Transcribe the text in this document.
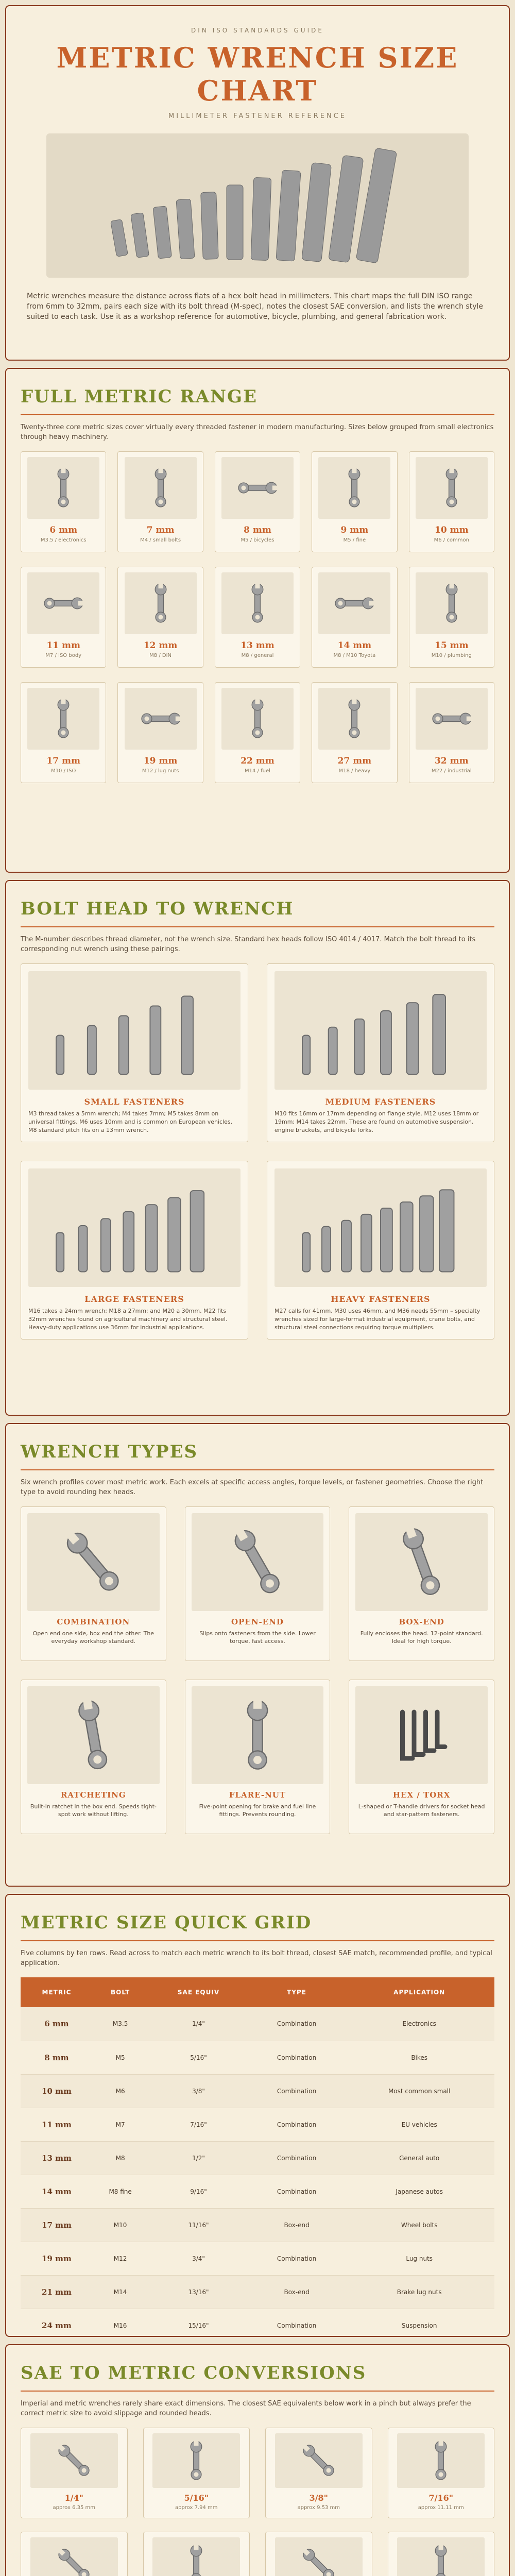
DIN ISO STANDARDS GUIDE
METRIC WRENCH SIZE
CHART
MILLIMETER FASTENER REFERENCE

Metric wrenches measure the distance across flats of a hex bolt head in millimeters. This chart maps the full DIN ISO range from 6mm to 32mm, pairs each size with its bolt thread (M-spec), notes the closest SAE conversion, and lists the wrench style suited to each task. Use it as a workshop reference for automotive, bicycle, plumbing, and general fabrication work.

FULL METRIC RANGE
Twenty-three core metric sizes cover virtually every threaded fastener in modern manufacturing. Sizes below grouped from small electronics through heavy machinery.
6 mm
M3.5 / electronics
7 mm
M4 / small bolts
8 mm
M5 / bicycles
9 mm
M5 / fine
10 mm
M6 / common
11 mm
M7 / ISO body
12 mm
M8 / DIN
13 mm
M8 / general
14 mm
M8 / M10 Toyota
15 mm
M10 / plumbing
17 mm
M10 / ISO
19 mm
M12 / lug nuts
22 mm
M14 / fuel
27 mm
M18 / heavy
32 mm
M22 / industrial
BOLT HEAD TO WRENCH
The M-number describes thread diameter, not the wrench size. Standard hex heads follow ISO 4014 / 4017. Match the bolt thread to its corresponding nut wrench using these pairings.
SMALL FASTENERS
M3 thread takes a 5mm wrench; M4 takes 7mm; M5 takes 8mm on universal fittings. M6 uses 10mm and is common on European vehicles. M8 standard pitch fits on a 13mm wrench.
MEDIUM FASTENERS
M10 fits 16mm or 17mm depending on flange style. M12 uses 18mm or 19mm; M14 takes 22mm. These are found on automotive suspension, engine brackets, and bicycle forks.
LARGE FASTENERS
M16 takes a 24mm wrench; M18 a 27mm; and M20 a 30mm. M22 fits 32mm wrenches found on agricultural machinery and structural steel. Heavy-duty applications use 36mm for industrial applications.
HEAVY FASTENERS
M27 calls for 41mm, M30 uses 46mm, and M36 needs 55mm – specialty wrenches sized for large-format industrial equipment, crane bolts, and structural steel connections requiring torque multipliers.
WRENCH TYPES
Six wrench profiles cover most metric work. Each excels at specific access angles, torque levels, or fastener geometries. Choose the right type to avoid rounding hex heads.
COMBINATION
Open end one side, box end the other. The everyday workshop standard.
OPEN-END
Slips onto fasteners from the side. Lower torque, fast access.
BOX-END
Fully encloses the head. 12-point standard. Ideal for high torque.
RATCHETING
Built-in ratchet in the box end. Speeds tight-spot work without lifting.
FLARE-NUT
Five-point opening for brake and fuel line fittings. Prevents rounding.
HEX / TORX
L-shaped or T-handle drivers for socket head and star-pattern fasteners.
METRIC SIZE QUICK GRID
Five columns by ten rows. Read across to match each metric wrench to its bolt thread, closest SAE match, recommended profile, and typical application.
METRIC	BOLT	SAE EQUIV	TYPE	APPLICATION
6 mm	M3.5	1/4"	Combination	Electronics
8 mm	M5	5/16"	Combination	Bikes
10 mm	M6	3/8"	Combination	Most common small
11 mm	M7	7/16"	Combination	EU vehicles
13 mm	M8	1/2"	Combination	General auto
14 mm	M8 fine	9/16"	Combination	Japanese autos
17 mm	M10	11/16"	Box-end	Wheel bolts
19 mm	M12	3/4"	Combination	Lug nuts
21 mm	M14	13/16"	Box-end	Brake lug nuts
24 mm	M16	15/16"	Combination	Suspension
SAE TO METRIC CONVERSIONS
Imperial and metric wrenches rarely share exact dimensions. The closest SAE equivalents below work in a pinch but always prefer the correct metric size to avoid slippage and rounded heads.
1/4"
approx 6.35 mm
5/16"
approx 7.94 mm
3/8"
approx 9.53 mm
7/16"
approx 11.11 mm
